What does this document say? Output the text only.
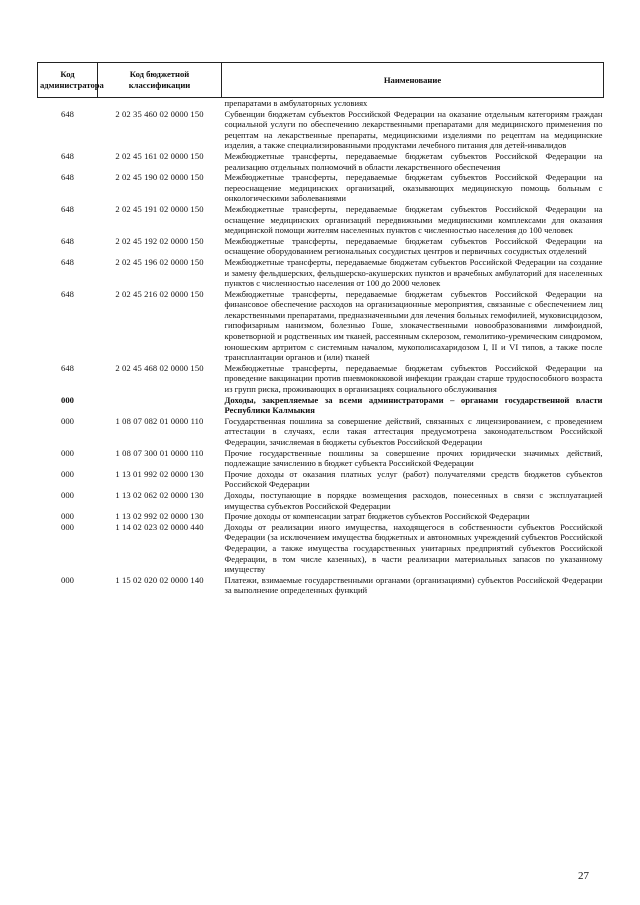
Код администратора	Код бюджетной классификации	Наименование
		препаратами в амбулаторных условиях
648	2 02 35 460 02 0000 150	Субвенции бюджетам субъектов Российской Федерации на оказание отдельным категориям граждан социальной услуги по обеспечению лекарственными препаратами для медицинского применения по рецептам на лекарственные препараты, медицинскими изделиями по рецептам на медицинские изделия, а также специализированными продуктами лечебного питания для детей-инвалидов
648	2 02 45 161 02 0000 150	Межбюджетные трансферты, передаваемые бюджетам субъектов Российской Федерации на реализацию отдельных полномочий в области лекарственного обеспечения
648	2 02 45 190 02 0000 150	Межбюджетные трансферты, передаваемые бюджетам субъектов Российской Федерации на переоснащение медицинских организаций, оказывающих медицинскую помощь больным с онкологическими заболеваниями
648	2 02 45 191 02 0000 150	Межбюджетные трансферты, передаваемые бюджетам субъектов Российской Федерации на оснащение медицинских организаций передвижными медицинскими комплексами для оказания медицинской помощи жителям населенных пунктов с численностью населения до 100 человек
648	2 02 45 192 02 0000 150	Межбюджетные трансферты, передаваемые бюджетам субъектов Российской Федерации на оснащение оборудованием региональных сосудистых центров и первичных сосудистых отделений
648	2 02 45 196 02 0000 150	Межбюджетные трансферты, передаваемые бюджетам субъектов Российской Федерации на создание и замену фельдшерских, фельдшерско-акушерских пунктов и врачебных амбулаторий для населенных пунктов с численностью населения от 100 до 2000 человек
648	2 02 45 216 02 0000 150	Межбюджетные трансферты, передаваемые бюджетам субъектов Российской Федерации на финансовое обеспечение расходов на организационные мероприятия, связанные с обеспечением лиц лекарственными препаратами, предназначенными для лечения больных гемофилией, муковисцидозом, гипофизарным нанизмом, болезнью Гоше, злокачественными новообразованиями лимфоидной, кроветворной и родственных им тканей, рассеянным склерозом, гемолитико-уремическим синдромом, юношеским артритом с системным началом, мукополисахаридозом I, II и VI типов, а также после трансплантации органов и (или) тканей
648	2 02 45 468 02 0000 150	Межбюджетные трансферты, передаваемые бюджетам субъектов Российской Федерации на проведение вакцинации против пневмококковой инфекции граждан старше трудоспособного возраста из групп риска, проживающих в организациях социального обслуживания
000		Доходы, закрепляемые за всеми администраторами – органами государственной власти Республики Калмыкия
000	1 08 07 082 01 0000 110	Государственная пошлина за совершение действий, связанных с лицензированием, с проведением аттестации в случаях, если такая аттестация предусмотрена законодательством Российской Федерации, зачисляемая в бюджеты субъектов Российской Федерации
000	1 08 07 300 01 0000 110	Прочие государственные пошлины за совершение прочих юридически значимых действий, подлежащие зачислению в бюджет субъекта Российской Федерации
000	1 13 01 992 02 0000 130	Прочие доходы от оказания платных услуг (работ) получателями средств бюджетов субъектов Российской Федерации
000	1 13 02 062 02 0000 130	Доходы, поступающие в порядке возмещения расходов, понесенных в связи с эксплуатацией имущества субъектов Российской Федерации
000	1 13 02 992 02 0000 130	Прочие доходы от компенсации затрат бюджетов субъектов Российской Федерации
000	1 14 02 023 02 0000 440	Доходы от реализации иного имущества, находящегося в собственности субъектов Российской Федерации (за исключением имущества бюджетных и автономных учреждений субъектов Российской Федерации, а также имущества государственных унитарных предприятий субъектов Российской Федерации, в том числе казенных), в части реализации материальных запасов по указанному имуществу
000	1 15 02 020 02 0000 140	Платежи, взимаемые государственными органами (организациями) субъектов Российской Федерации за выполнение определенных функций
27
